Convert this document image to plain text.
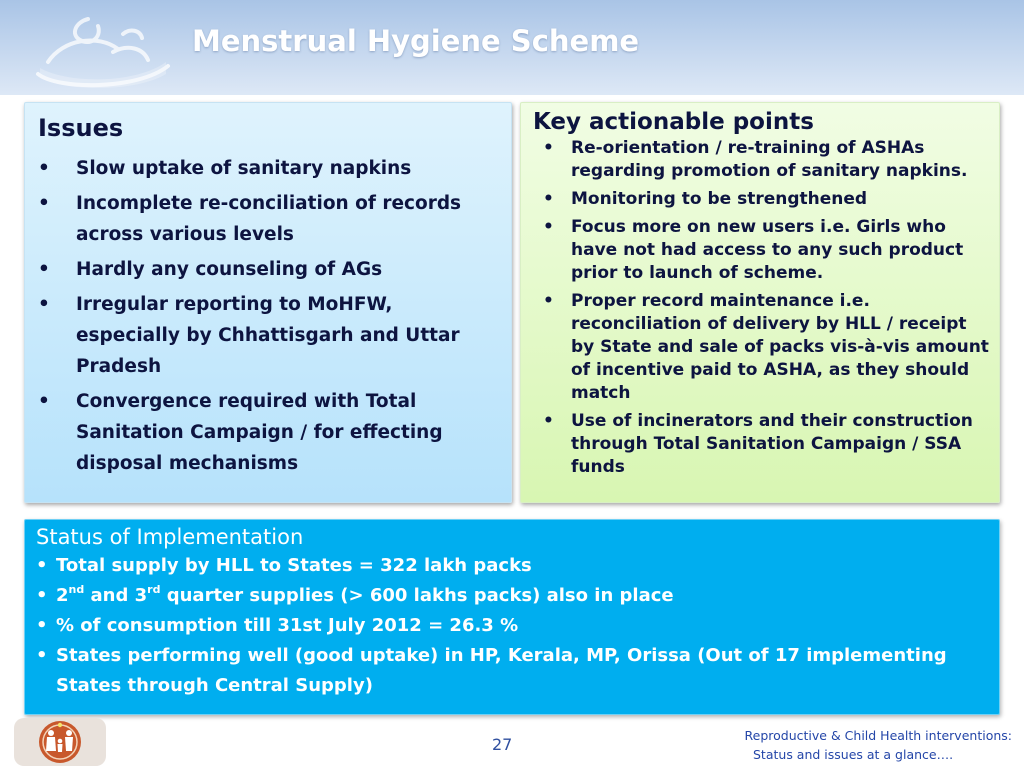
Menstrual Hygiene Scheme
Issues
• Slow uptake of sanitary napkins
• Incomplete re-conciliation of records across various levels
• Hardly any counseling of AGs
• Irregular reporting to MoHFW, especially by Chhattisgarh and Uttar Pradesh
• Convergence required with Total Sanitation Campaign / for effecting disposal mechanisms
Key actionable points
• Re-orientation / re-training of ASHAs regarding promotion of sanitary napkins.
• Monitoring to be strengthened
• Focus more on new users i.e. Girls who have not had access to any such product prior to launch of scheme.
• Proper record maintenance i.e. reconciliation of delivery by HLL / receipt by State and sale of packs vis-à-vis amount of incentive paid to ASHA, as they should match
• Use of incinerators and their construction through Total Sanitation Campaign / SSA funds
Status of Implementation
• Total supply by HLL to States = 322 lakh packs
• 2nd and 3rd quarter supplies (> 600 lakhs packs) also in place
• % of consumption till 31st July 2012 = 26.3 %
• States performing well (good uptake) in HP, Kerala, MP, Orissa (Out of 17 implementing States through Central Supply)
27	Reproductive & Child Health interventions:
Status and issues at a glance….
